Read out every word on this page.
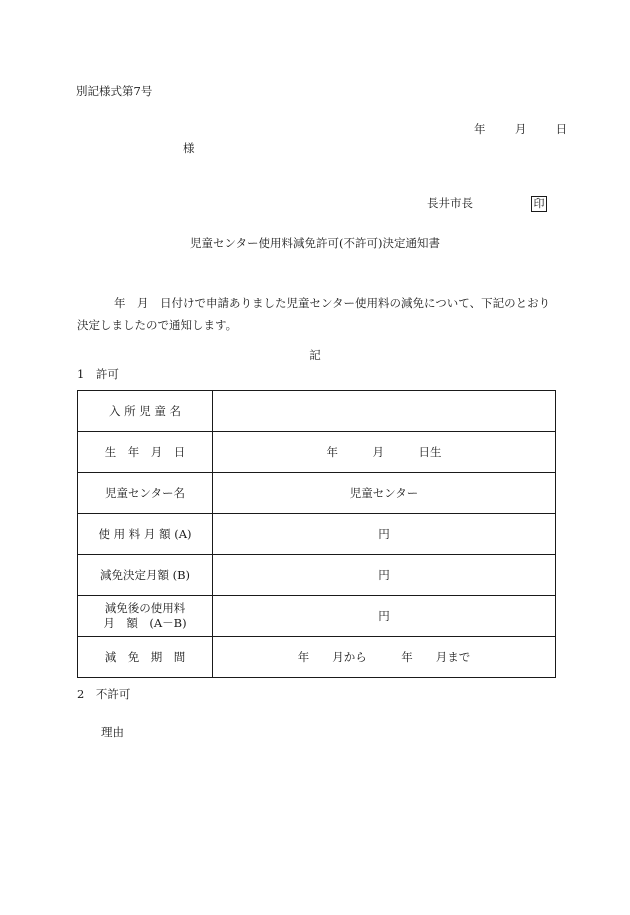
別記様式第7号
年	月	日
様
長井市長	印
児童センター使用料減免許可(不許可)決定通知書
年　月　日付けで申請ありました児童センター使用料の減免について、下記のとおり決定しましたので通知します。
記
1　許可
入 所 児 童 名	
生　年　月　日	年　　　月　　　日生
児童センター名	児童センター
使 用 料 月 額 (A)	円
減免決定月額 (B)	円
減免後の使用料
月　額　(A－B)	円
減　免　期　間	年　　月から　　　年　　月まで
2　不許可
理由
